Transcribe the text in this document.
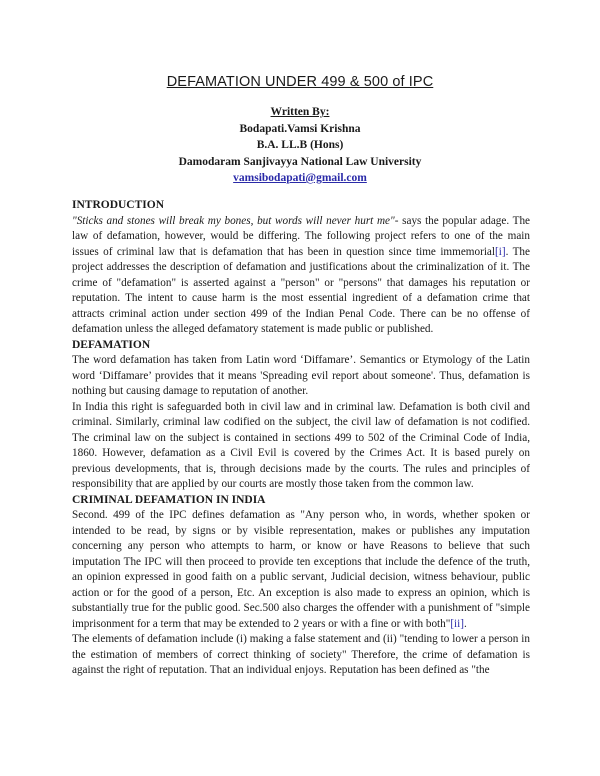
DEFAMATION UNDER 499 & 500 of IPC
Written By:
Bodapati.Vamsi Krishna
B.A. LL.B (Hons)
Damodaram Sanjivayya National Law University
vamsibodapati@gmail.com
INTRODUCTION

"Sticks and stones will break my bones, but words will never hurt me"- says the popular adage. The law of defamation, however, would be differing. The following project refers to one of the main issues of criminal law that is defamation that has been in question since time immemorial[i]. The project addresses the description of defamation and justifications about the criminalization of it. The crime of "defamation" is asserted against a "person" or "persons" that damages his reputation or reputation. The intent to cause harm is the most essential ingredient of a defamation crime that attracts criminal action under section 499 of the Indian Penal Code. There can be no offense of defamation unless the alleged defamatory statement is made public or published.

DEFAMATION

The word defamation has taken from Latin word ‘Diffamare’. Semantics or Etymology of the Latin word ‘Diffamare’ provides that it means 'Spreading evil report about someone'. Thus, defamation is nothing but causing damage to reputation of another.

In India this right is safeguarded both in civil law and in criminal law. Defamation is both civil and criminal. Similarly, criminal law codified on the subject, the civil law of defamation is not codified. The criminal law on the subject is contained in sections 499 to 502 of the Criminal Code of India, 1860. However, defamation as a Civil Evil is covered by the Crimes Act. It is based purely on previous developments, that is, through decisions made by the courts. The rules and principles of responsibility that are applied by our courts are mostly those taken from the common law.

CRIMINAL DEFAMATION IN INDIA

Second. 499 of the IPC defines defamation as "Any person who, in words, whether spoken or intended to be read, by signs or by visible representation, makes or publishes any imputation concerning any person who attempts to harm, or know or have Reasons to believe that such imputation The IPC will then proceed to provide ten exceptions that include the defence of the truth, an opinion expressed in good faith on a public servant, Judicial decision, witness behaviour, public action or for the good of a person, Etc. An exception is also made to express an opinion, which is substantially true for the public good. Sec.500 also charges the offender with a punishment of "simple imprisonment for a term that may be extended to 2 years or with a fine or with both"[ii].

The elements of defamation include (i) making a false statement and (ii) "tending to lower a person in the estimation of members of correct thinking of society" Therefore, the crime of defamation is against the right of reputation. That an individual enjoys. Reputation has been defined as "the
